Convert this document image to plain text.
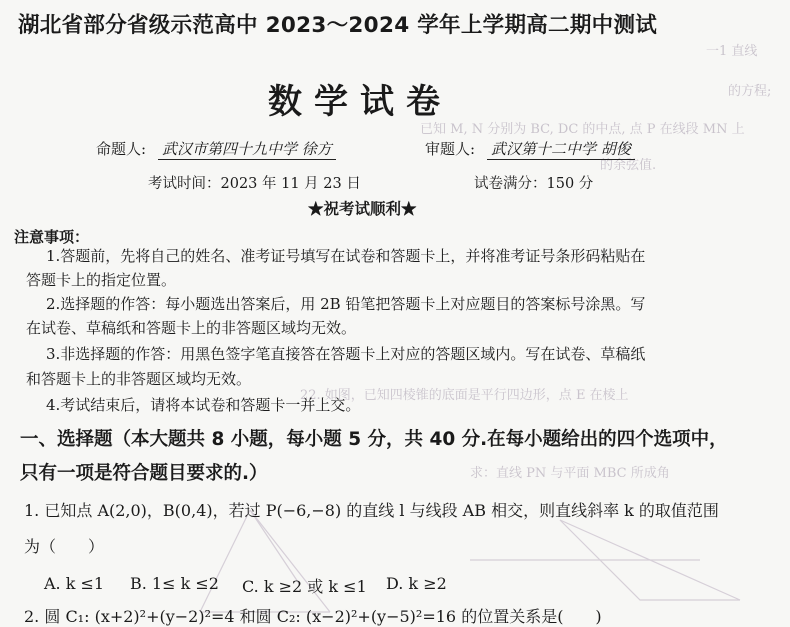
一1 直线
的方程;
已知 M, N 分别为 BC, DC 的中点, 点 P 在线段 MN 上
的余弦值.
22. 如图，已知四棱锥的底面是平行四边形，点 E 在棱上
求：直线 PN 与平面 MBC 所成角
湖北省部分省级示范高中 2023～2024 学年上学期高二期中测试
数学试卷
命题人: 武汉市第四十九中学 徐方	审题人: 武汉第十二中学 胡俊
考试时间：2023 年 11 月 23 日	试卷满分：150 分
★祝考试顺利★
注意事项：
1.答题前，先将自己的姓名、准考证号填写在试卷和答题卡上，并将准考证号条形码粘贴在
答题卡上的指定位置。
2.选择题的作答：每小题选出答案后，用 2B 铅笔把答题卡上对应题目的答案标号涂黑。写
在试卷、草稿纸和答题卡上的非答题区域均无效。
3.非选择题的作答：用黑色签字笔直接答在答题卡上对应的答题区域内。写在试卷、草稿纸
和答题卡上的非答题区域均无效。
4.考试结束后，请将本试卷和答题卡一并上交。
一、选择题（本大题共 8 小题，每小题 5 分，共 40 分.在每小题给出的四个选项中，
只有一项是符合题目要求的.）
1. 已知点 A(2,0)，B(0,4)，若过 P(−6,−8) 的直线 l 与线段 AB 相交，则直线斜率 k 的取值范围
为（　　）
A. k ≤1 B. 1≤ k ≤2 C. k ≥2 或 k ≤1 D. k ≥2
2. 圆 C₁: (x+2)²+(y−2)²=4 和圆 C₂: (x−2)²+(y−5)²=16 的位置关系是(　　)
